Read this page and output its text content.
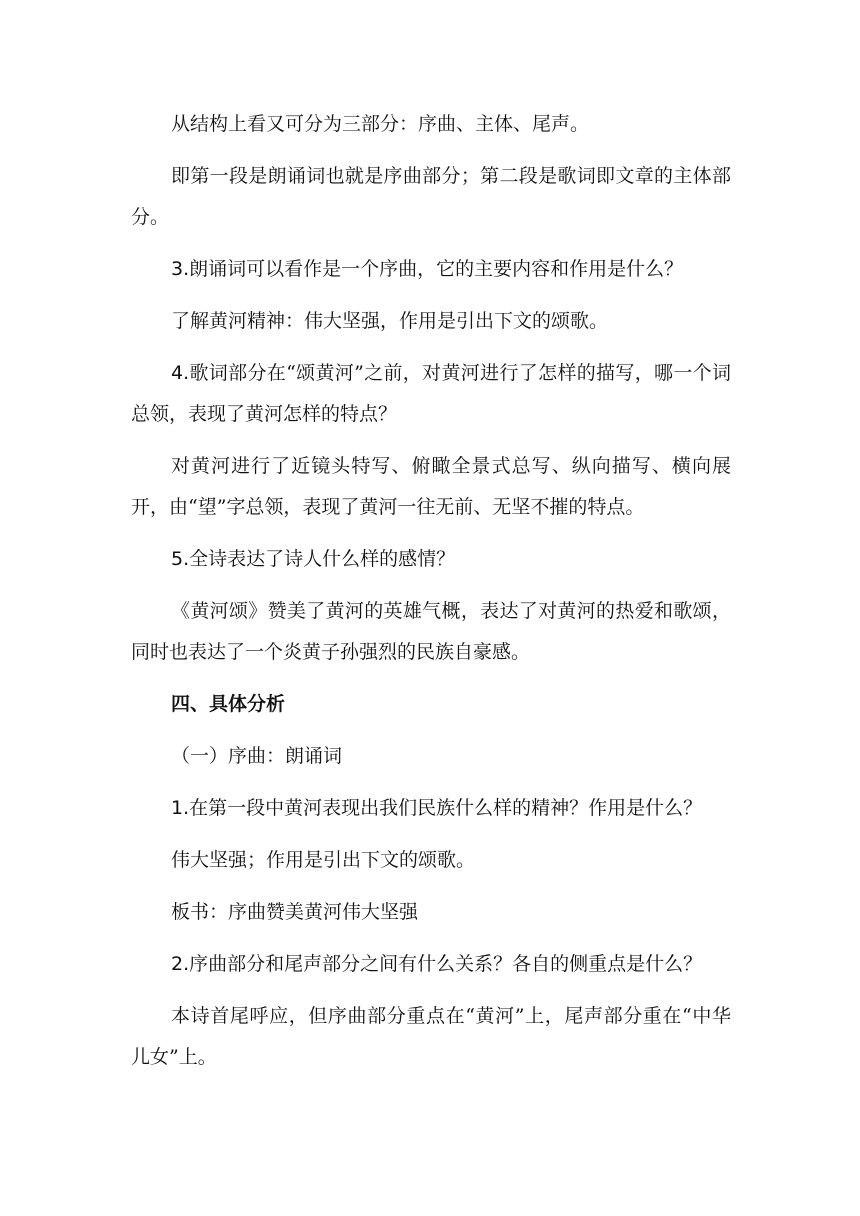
从结构上看又可分为三部分：序曲、主体、尾声。

即第一段是朗诵词也就是序曲部分；第二段是歌词即文章的主体部分。

3.朗诵词可以看作是一个序曲，它的主要内容和作用是什么？

了解黄河精神：伟大坚强，作用是引出下文的颂歌。

4.歌词部分在“颂黄河”之前，对黄河进行了怎样的描写，哪一个词总领，表现了黄河怎样的特点？

对黄河进行了近镜头特写、俯瞰全景式总写、纵向描写、横向展开，由“望”字总领，表现了黄河一往无前、无坚不摧的特点。

5.全诗表达了诗人什么样的感情？

《黄河颂》赞美了黄河的英雄气概，表达了对黄河的热爱和歌颂，同时也表达了一个炎黄子孙强烈的民族自豪感。

四、具体分析

（一）序曲：朗诵词

1.在第一段中黄河表现出我们民族什么样的精神？作用是什么？

伟大坚强；作用是引出下文的颂歌。

板书：序曲赞美黄河伟大坚强

2.序曲部分和尾声部分之间有什么关系？各自的侧重点是什么？

本诗首尾呼应，但序曲部分重点在“黄河”上，尾声部分重在“中华儿女”上。
